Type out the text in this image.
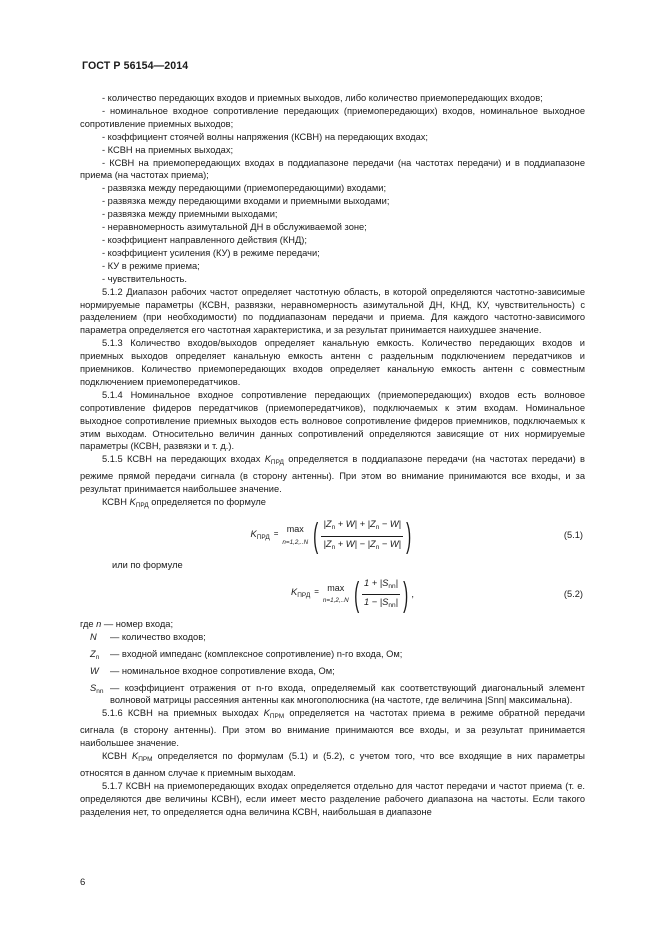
ГОСТ Р 56154—2014

- количество передающих входов и приемных выходов, либо количество приемопередающих входов;

- номинальное входное сопротивление передающих (приемопередающих) входов, номинальное выходное сопротивление приемных выходов;

- коэффициент стоячей волны напряжения (КСВН) на передающих входах;

- КСВН на приемных выходах;

- КСВН на приемопередающих входах в поддиапазоне передачи (на частотах передачи) и в поддиапазоне приема (на частотах приема);

- развязка между передающими (приемопередающими) входами;

- развязка между передающими входами и приемными выходами;

- развязка между приемными выходами;

- неравномерность азимутальной ДН в обслуживаемой зоне;

- коэффициент направленного действия (КНД);

- коэффициент усиления (КУ) в режиме передачи;

- КУ в режиме приема;

- чувствительность.

5.1.2 Диапазон рабочих частот определяет частотную область, в которой определяются частотно-зависимые нормируемые параметры (КСВН, развязки, неравномерность азимутальной ДН, КНД, КУ, чувствительность) с разделением (при необходимости) по поддиапазонам передачи и приема. Для каждого частотно-зависимого параметра определяется его частотная характеристика, и за результат принимается наихудшее значение.

5.1.3 Количество входов/выходов определяет канальную емкость. Количество передающих входов и приемных выходов определяет канальную емкость антенн с раздельным подключением передатчиков и приемников. Количество приемопередающих входов определяет канальную емкость антенн с совместным подключением приемопередатчиков.

5.1.4 Номинальное входное сопротивление передающих (приемопередающих) входов есть волновое сопротивление фидеров передатчиков (приемопередатчиков), подключаемых к этим входам. Номинальное выходное сопротивление приемных выходов есть волновое сопротивление фидеров приемников, подключаемых к этим выходам. Относительно величин данных сопротивлений определяются зависящие от них нормируемые параметры (КСВН, развязки и т. д.).

5.1.5 КСВН на передающих входах $K_{ПРД}$ определяется в поддиапазоне передачи (на частотах передачи) в режиме прямой передачи сигнала (в сторону антенны). При этом во внимание принимаются все входы, и за результат принимается наибольшее значение.

КСВН $K_{ПРД}$ определяется по формуле

$K_{ПРД} = \max$
n=1,2,..N ( $\frac{|Z_n + W| + |Z_n - W|}{|Z_n + W| - |Z_n - W|}$ )	(5.1)

или по формуле

$K_{ПРД} = \max$
n=1,2,..N ( $\frac{1 + |S_{nn}|}{1 - |S_{nn}|}$ ) ,	(5.2)

где n — номер входа;

N	— количество входов;
$Z_n$	— входной импеданс (комплексное сопротивление) n-го входа, Ом;
W	— номинальное входное сопротивление входа, Ом;
$S_{nn}$ — коэффициент отражения от n-го входа, определяемый как соответствующий диагональный элемент волновой матрицы рассеяния антенны как многополюсника (на частоте, где величина |Snn| максимальна).

5.1.6 КСВН на приемных выходах $K_{ПРМ}$ определяется на частотах приема в режиме обратной передачи сигнала (в сторону антенны). При этом во внимание принимаются все входы, и за результат принимается наибольшее значение.

КСВН $K_{ПРМ}$ определяется по формулам (5.1) и (5.2), с учетом того, что все входящие в них параметры относятся в данном случае к приемным выходам.

5.1.7 КСВН на приемопередающих входах определяется отдельно для частот передачи и частот приема (т. е. определяются две величины КСВН), если имеет место разделение рабочего диапазона на частоты. Если такого разделения нет, то определяется одна величина КСВН, наибольшая в диапазоне

6
